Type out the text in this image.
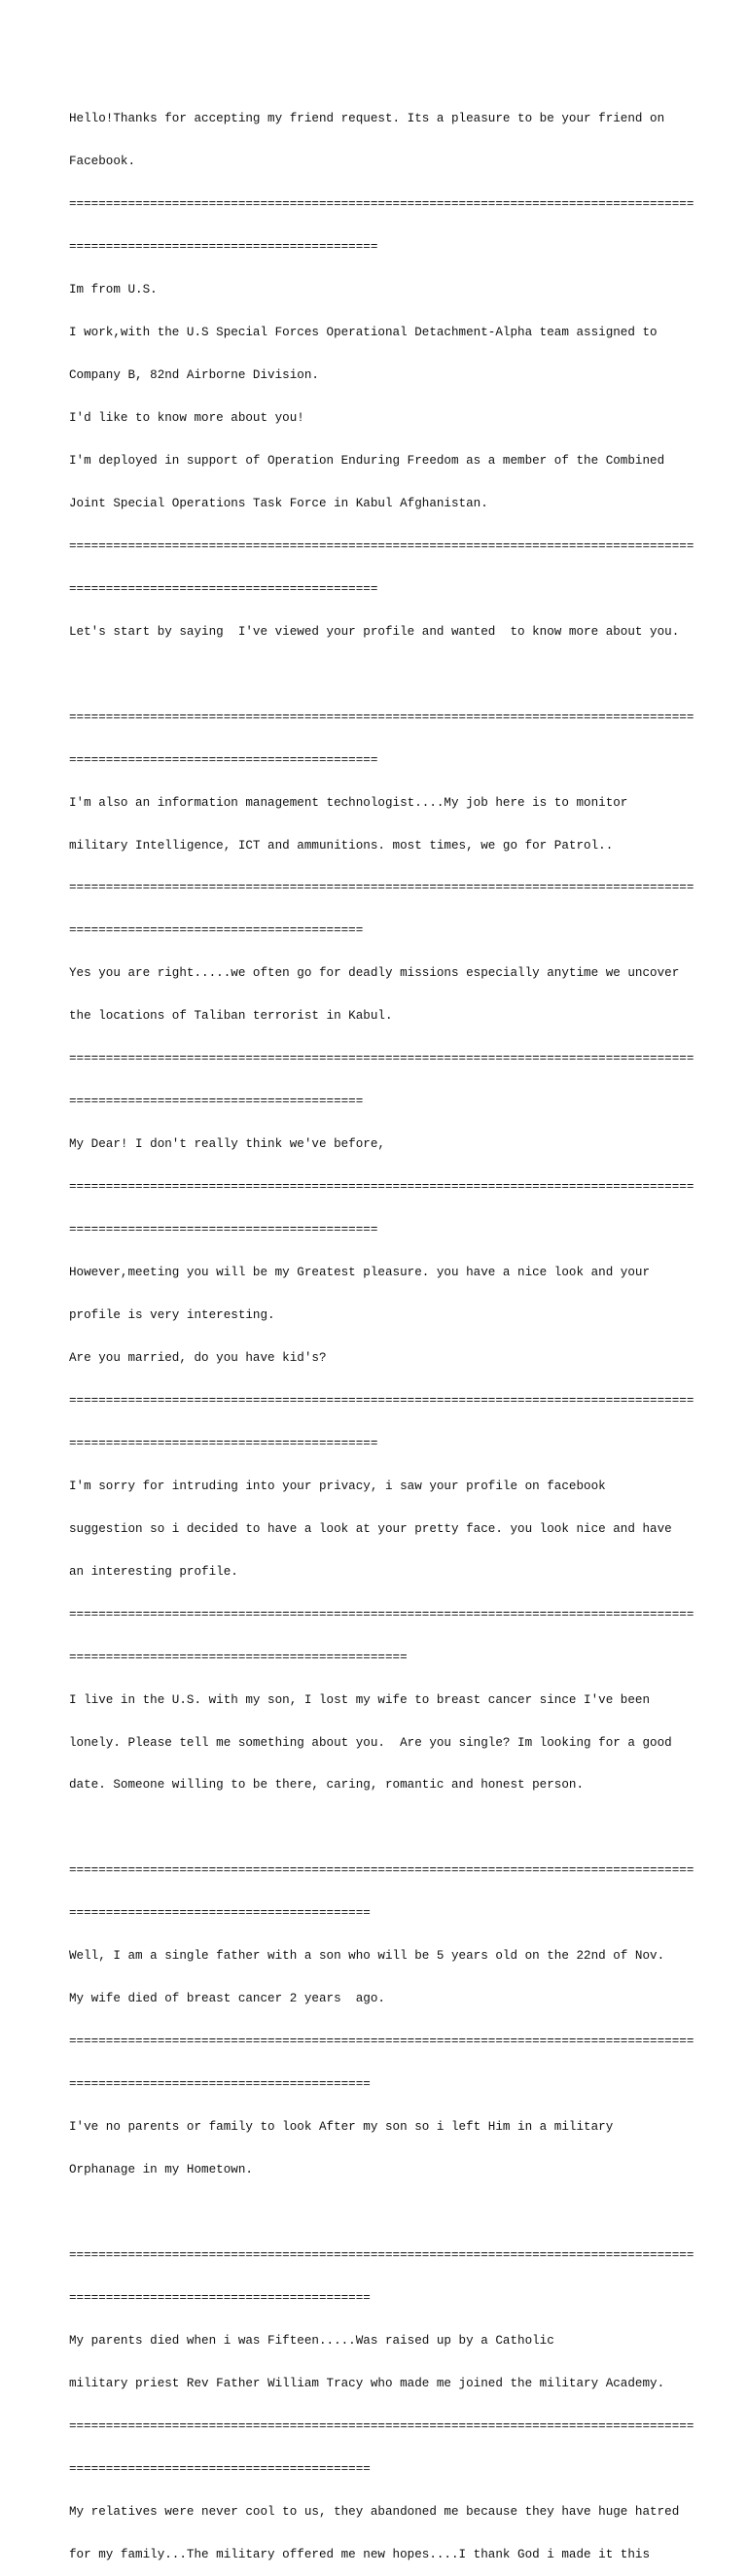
Hello!Thanks for accepting my friend request. Its a pleasure to be your friend on

Facebook.

=====================================================================================

==========================================

Im from U.S.

I work,with the U.S Special Forces Operational Detachment-Alpha team assigned to

Company B, 82nd Airborne Division.

I'd like to know more about you!

I'm deployed in support of Operation Enduring Freedom as a member of the Combined

Joint Special Operations Task Force in Kabul Afghanistan.

=====================================================================================

==========================================

Let's start by saying  I've viewed your profile and wanted  to know more about you.

=====================================================================================

==========================================

I'm also an information management technologist....My job here is to monitor

military Intelligence, ICT and ammunitions. most times, we go for Patrol..

=====================================================================================

========================================

Yes you are right.....we often go for deadly missions especially anytime we uncover

the locations of Taliban terrorist in Kabul.

=====================================================================================

========================================

My Dear! I don't really think we've before,

=====================================================================================

==========================================

However,meeting you will be my Greatest pleasure. you have a nice look and your

profile is very interesting.

Are you married, do you have kid's?

=====================================================================================

==========================================

I'm sorry for intruding into your privacy, i saw your profile on facebook

suggestion so i decided to have a look at your pretty face. you look nice and have

an interesting profile.

=====================================================================================

==============================================

I live in the U.S. with my son, I lost my wife to breast cancer since I've been

lonely. Please tell me something about you.  Are you single? Im looking for a good

date. Someone willing to be there, caring, romantic and honest person.

=====================================================================================

=========================================

Well, I am a single father with a son who will be 5 years old on the 22nd of Nov.

My wife died of breast cancer 2 years  ago.

=====================================================================================

=========================================

I've no parents or family to look After my son so i left Him in a military

Orphanage in my Hometown.

=====================================================================================

=========================================

My parents died when i was Fifteen.....Was raised up by a Catholic

military priest Rev Father William Tracy who made me joined the military Academy.

=====================================================================================

=========================================

My relatives were never cool to us, they abandoned me because they have huge hatred

for my family...The military offered me new hopes....I thank God i made it this
